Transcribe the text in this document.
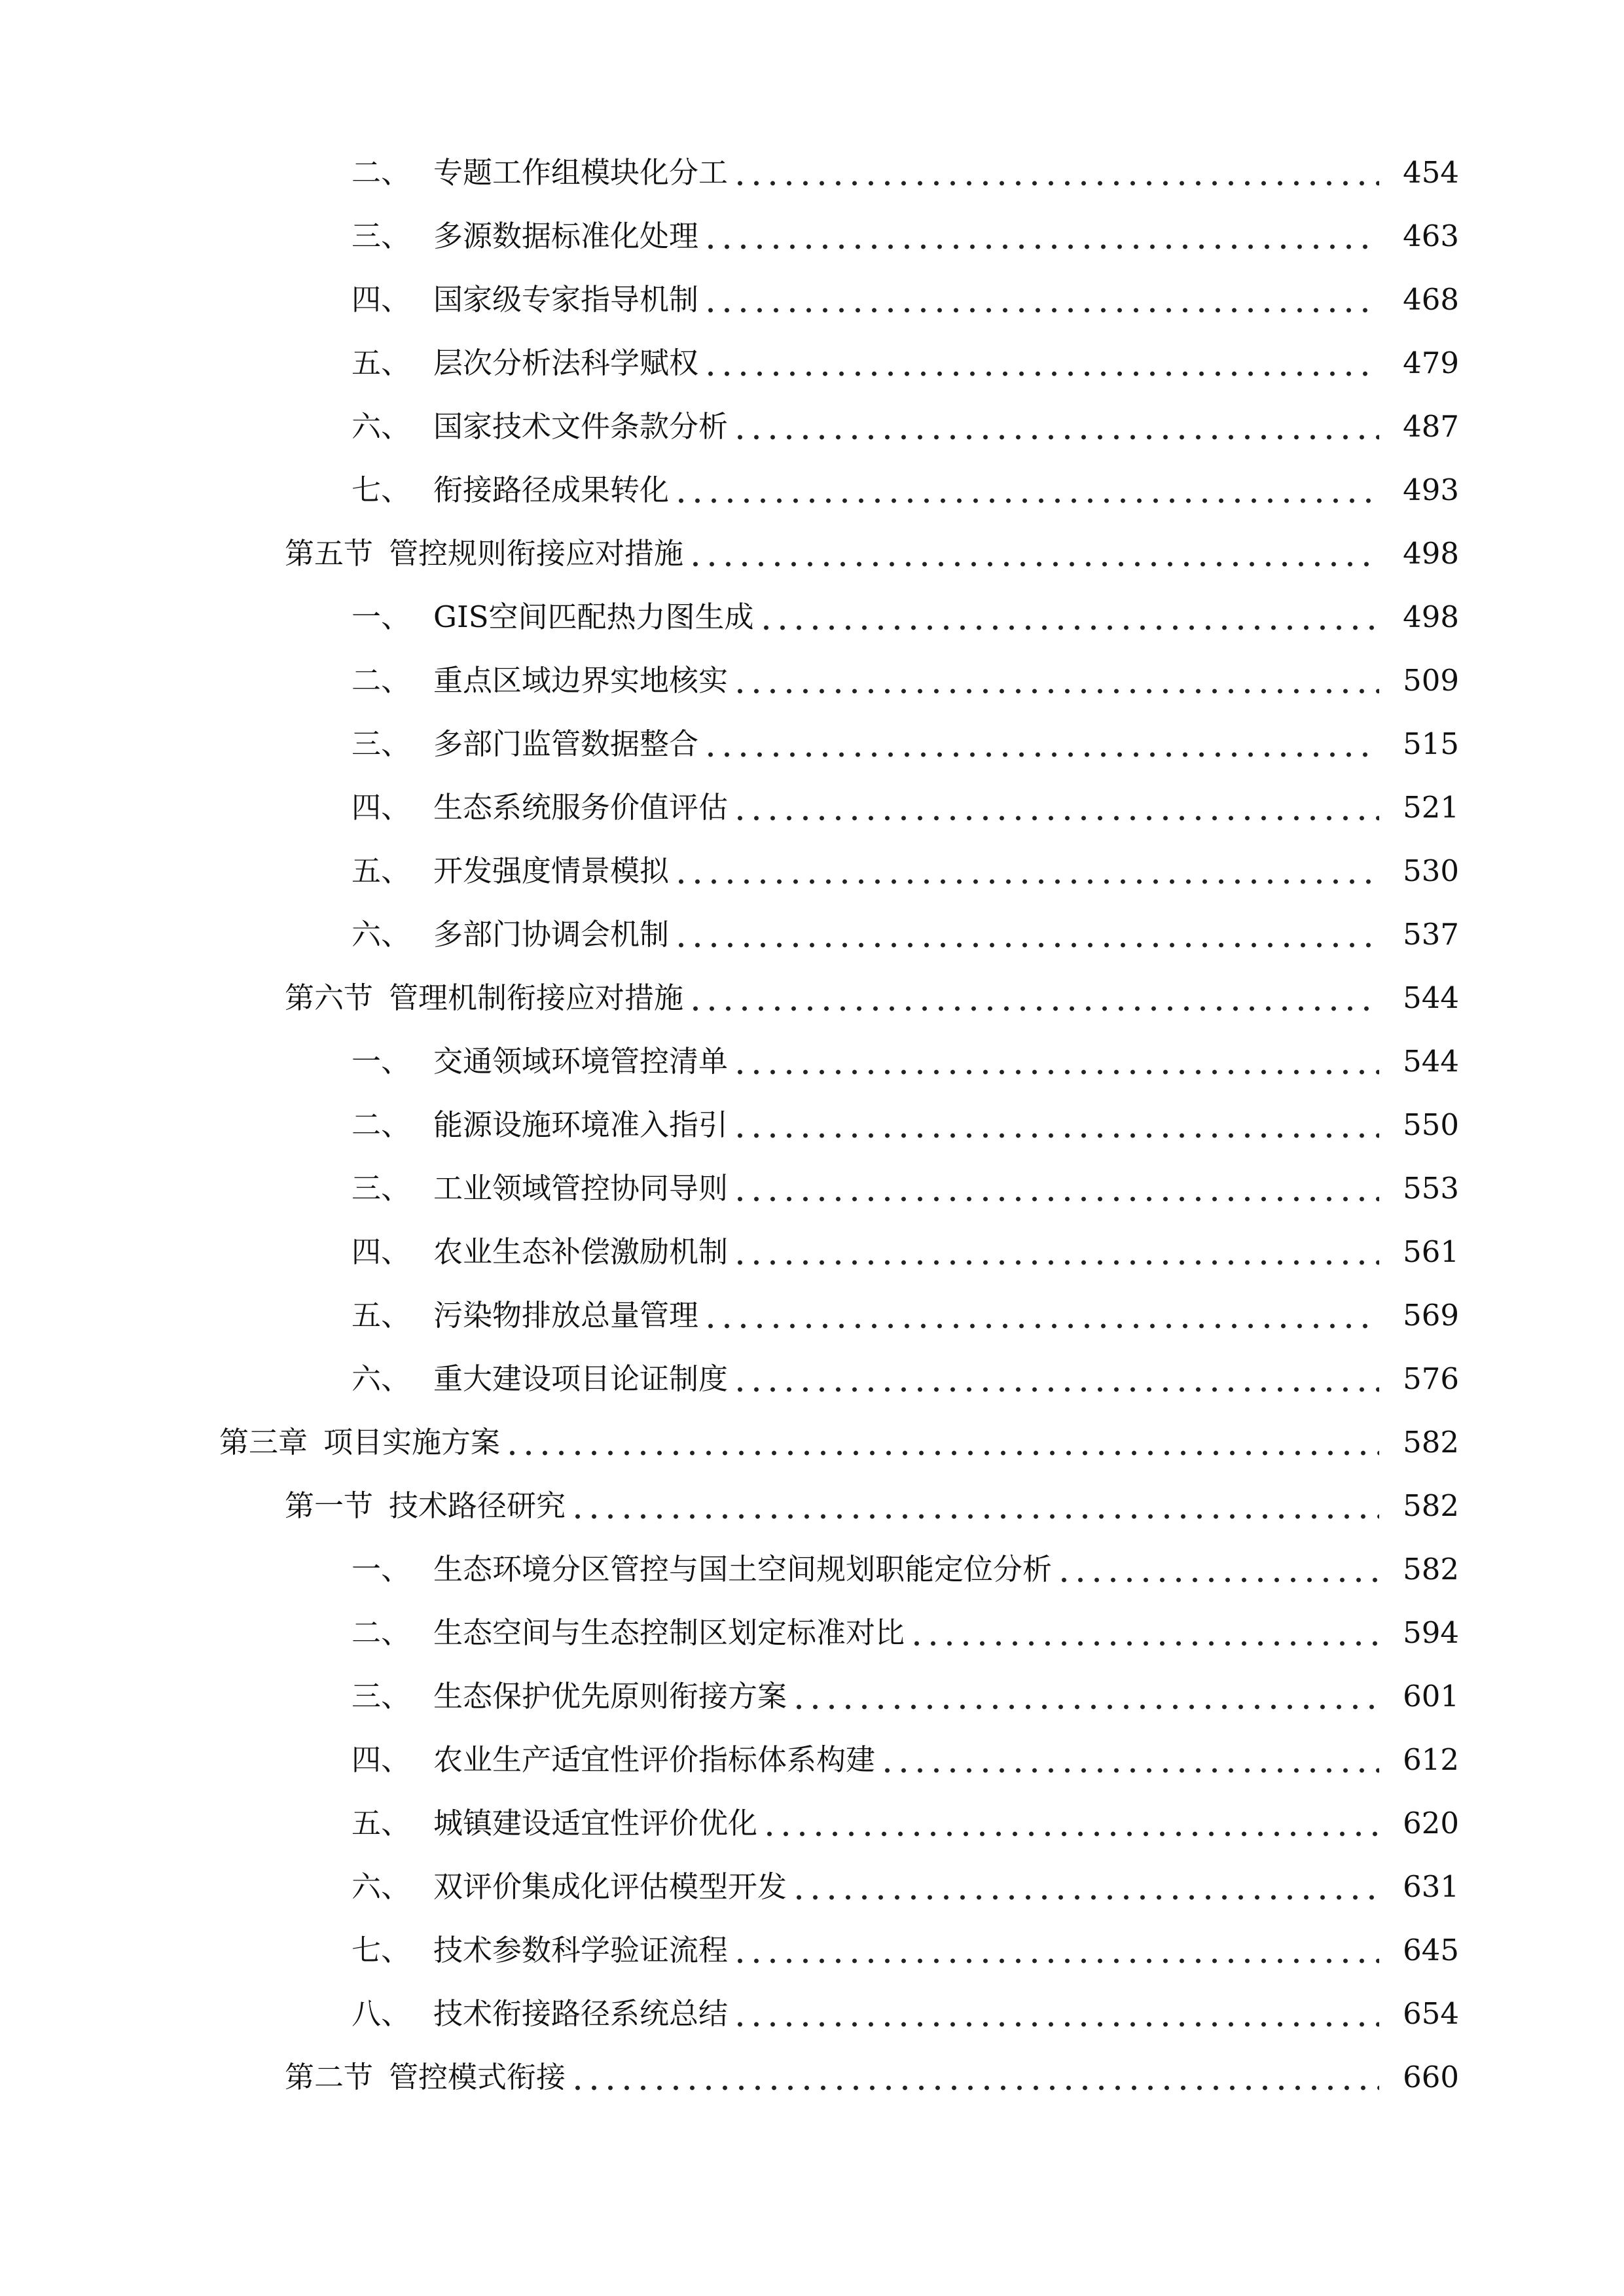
二、 专题工作组模块化分工	454
三、 多源数据标准化处理	463
四、 国家级专家指导机制	468
五、 层次分析法科学赋权	479
六、 国家技术文件条款分析	487
七、 衔接路径成果转化	493
第五节 管控规则衔接应对措施	498
一、 GIS空间匹配热力图生成	498
二、 重点区域边界实地核实	509
三、 多部门监管数据整合	515
四、 生态系统服务价值评估	521
五、 开发强度情景模拟	530
六、 多部门协调会机制	537
第六节 管理机制衔接应对措施	544
一、 交通领域环境管控清单	544
二、 能源设施环境准入指引	550
三、 工业领域管控协同导则	553
四、 农业生态补偿激励机制	561
五、 污染物排放总量管理	569
六、 重大建设项目论证制度	576
第三章 项目实施方案	582
第一节 技术路径研究	582
一、 生态环境分区管控与国土空间规划职能定位分析	582
二、 生态空间与生态控制区划定标准对比	594
三、 生态保护优先原则衔接方案	601
四、 农业生产适宜性评价指标体系构建	612
五、 城镇建设适宜性评价优化	620
六、 双评价集成化评估模型开发	631
七、 技术参数科学验证流程	645
八、 技术衔接路径系统总结	654
第二节 管控模式衔接	660
